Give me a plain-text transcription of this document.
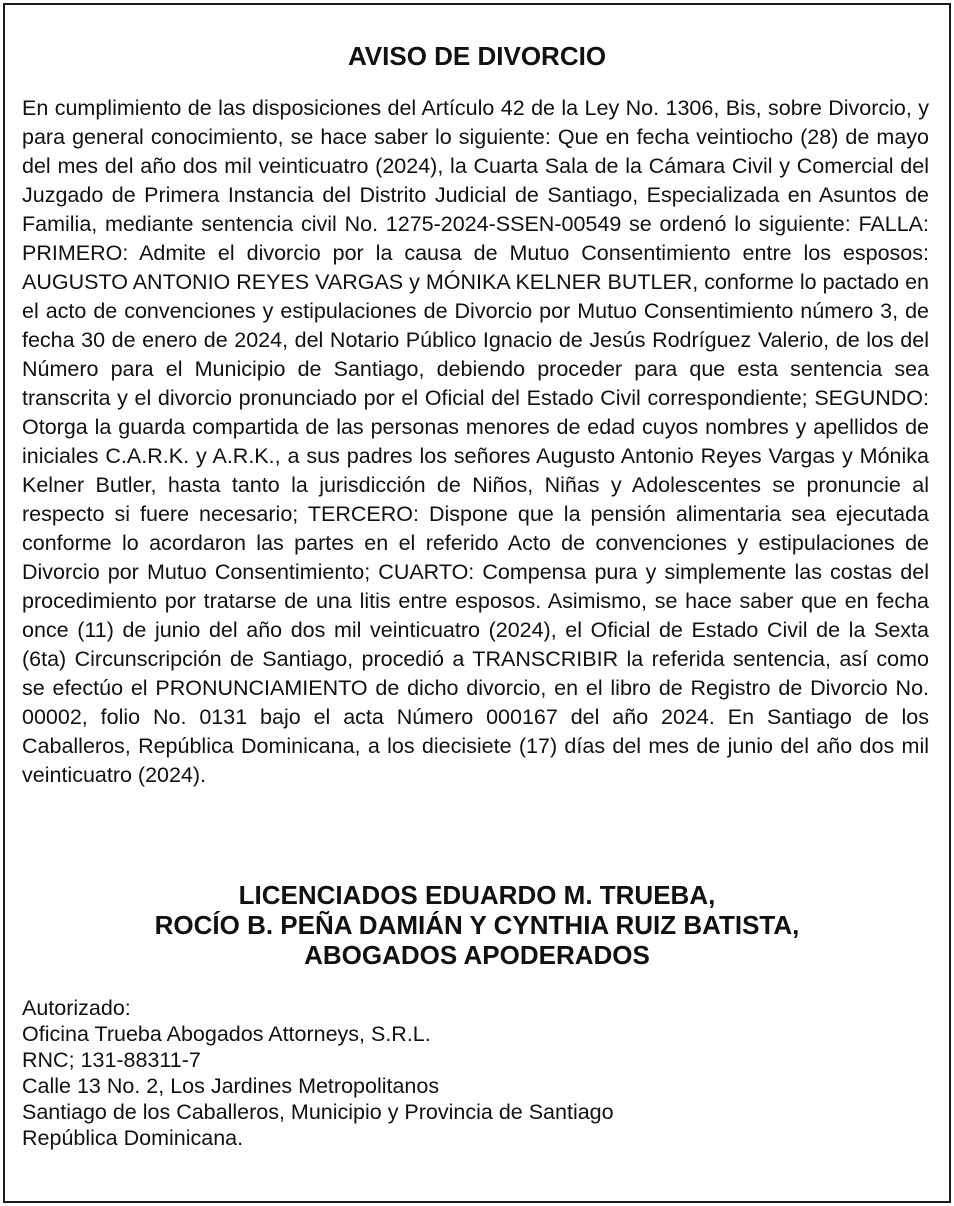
AVISO DE DIVORCIO

En cumplimiento de las disposiciones del Artículo 42 de la Ley No. 1306, Bis, sobre Divorcio, y para general conocimiento, se hace saber lo siguiente: Que en fecha veintiocho (28) de mayo del mes del año dos mil veinticuatro (2024), la Cuarta Sala de la Cámara Civil y Comercial del Juzgado de Primera Instancia del Distrito Judicial de Santiago, Especializada en Asuntos de Familia, mediante sentencia civil No. 1275-2024-SSEN-00549 se ordenó lo siguiente: FALLA: PRIMERO: Admite el divorcio por la causa de Mutuo Consentimiento entre los esposos: AUGUSTO ANTONIO REYES VARGAS y MÓNIKA KELNER BUTLER, conforme lo pactado en el acto de convenciones y estipulaciones de Divorcio por Mutuo Consentimiento número 3, de fecha 30 de enero de 2024, del Notario Público Ignacio de Jesús Rodríguez Valerio, de los del Número para el Municipio de Santiago, debiendo proceder para que esta sentencia sea transcrita y el divorcio pronunciado por el Oficial del Estado Civil correspondiente; SEGUNDO: Otorga la guarda compartida de las personas menores de edad cuyos nombres y apellidos de iniciales C.A.R.K. y A.R.K., a sus padres los señores Augusto Antonio Reyes Vargas y Mónika Kelner Butler, hasta tanto la jurisdicción de Niños, Niñas y Adolescentes se pronuncie al respecto si fuere necesario; TERCERO: Dispone que la pensión alimentaria sea ejecutada conforme lo acordaron las partes en el referido Acto de convenciones y estipulaciones de Divorcio por Mutuo Consentimiento; CUARTO: Compensa pura y simplemente las costas del procedimiento por tratarse de una litis entre esposos. Asimismo, se hace saber que en fecha once (11) de junio del año dos mil veinticuatro (2024), el Oficial de Estado Civil de la Sexta (6ta) Circunscripción de Santiago, procedió a TRANSCRIBIR la referida sentencia, así como se efectúo el PRONUNCIAMIENTO de dicho divorcio, en el libro de Registro de Divorcio No. 00002, folio No. 0131 bajo el acta Número 000167 del año 2024. En Santiago de los Caballeros, República Dominicana, a los diecisiete (17) días del mes de junio del año dos mil veinticuatro (2024).

LICENCIADOS EDUARDO M. TRUEBA,
ROCÍO B. PEÑA DAMIÁN Y CYNTHIA RUIZ BATISTA,
ABOGADOS APODERADOS
Autorizado:
Oficina Trueba Abogados Attorneys, S.R.L.
RNC; 131-88311-7
Calle 13 No. 2, Los Jardines Metropolitanos
Santiago de los Caballeros, Municipio y Provincia de Santiago
República Dominicana.
